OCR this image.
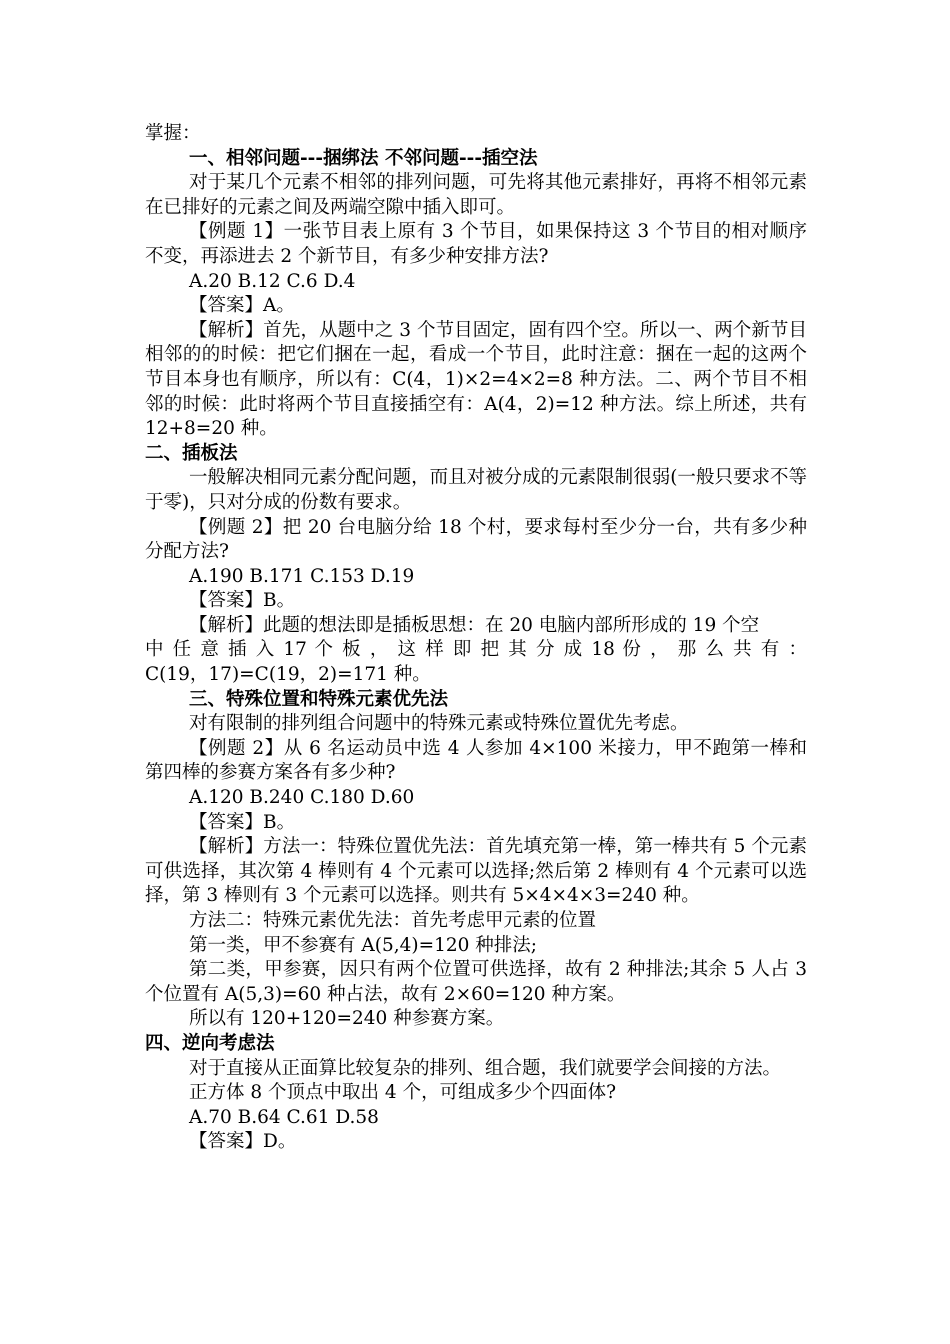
掌握：

一、相邻问题---捆绑法 不邻问题---插空法

对于某几个元素不相邻的排列问题，可先将其他元素排好，再将不相邻元素在已排好的元素之间及两端空隙中插入即可。

【例题 1】一张节目表上原有 3 个节目，如果保持这 3 个节目的相对顺序不变，再添进去 2 个新节目，有多少种安排方法?

A.20 B.12 C.6 D.4

【答案】A。

【解析】首先，从题中之 3 个节目固定，固有四个空。所以一、两个新节目相邻的的时候：把它们捆在一起，看成一个节目，此时注意：捆在一起的这两个节目本身也有顺序，所以有：C(4，1)×2=4×2=8 种方法。二、两个节目不相邻的时候：此时将两个节目直接插空有：A(4，2)=12 种方法。综上所述，共有 12+8=20 种。

二、插板法

一般解决相同元素分配问题，而且对被分成的元素限制很弱(一般只要求不等于零)，只对分成的份数有要求。

【例题 2】把 20 台电脑分给 18 个村，要求每村至少分一台，共有多少种分配方法?

A.190 B.171 C.153 D.19

【答案】B。

【解析】此题的想法即是插板思想：在 20 电脑内部所形成的 19 个空

中 任 意 插 入 17 个 板 ， 这 样 即 把 其 分 成 18 份 ， 那 么 共 有 ：

C(19，17)=C(19，2)=171 种。

三、特殊位置和特殊元素优先法

对有限制的排列组合问题中的特殊元素或特殊位置优先考虑。

【例题 2】从 6 名运动员中选 4 人参加 4×100 米接力，甲不跑第一棒和第四棒的参赛方案各有多少种?

A.120 B.240 C.180 D.60

【答案】B。

【解析】方法一：特殊位置优先法：首先填充第一棒，第一棒共有 5 个元素可供选择，其次第 4 棒则有 4 个元素可以选择;然后第 2 棒则有 4 个元素可以选择，第 3 棒则有 3 个元素可以选择。则共有 5×4×4×3=240 种。

方法二：特殊元素优先法：首先考虑甲元素的位置

第一类，甲不参赛有 A(5,4)=120 种排法;

第二类，甲参赛，因只有两个位置可供选择，故有 2 种排法;其余 5 人占 3 个位置有 A(5,3)=60 种占法，故有 2×60=120 种方案。

所以有 120+120=240 种参赛方案。

四、逆向考虑法

对于直接从正面算比较复杂的排列、组合题，我们就要学会间接的方法。

正方体 8 个顶点中取出 4 个，可组成多少个四面体?

A.70 B.64 C.61 D.58

【答案】D。
